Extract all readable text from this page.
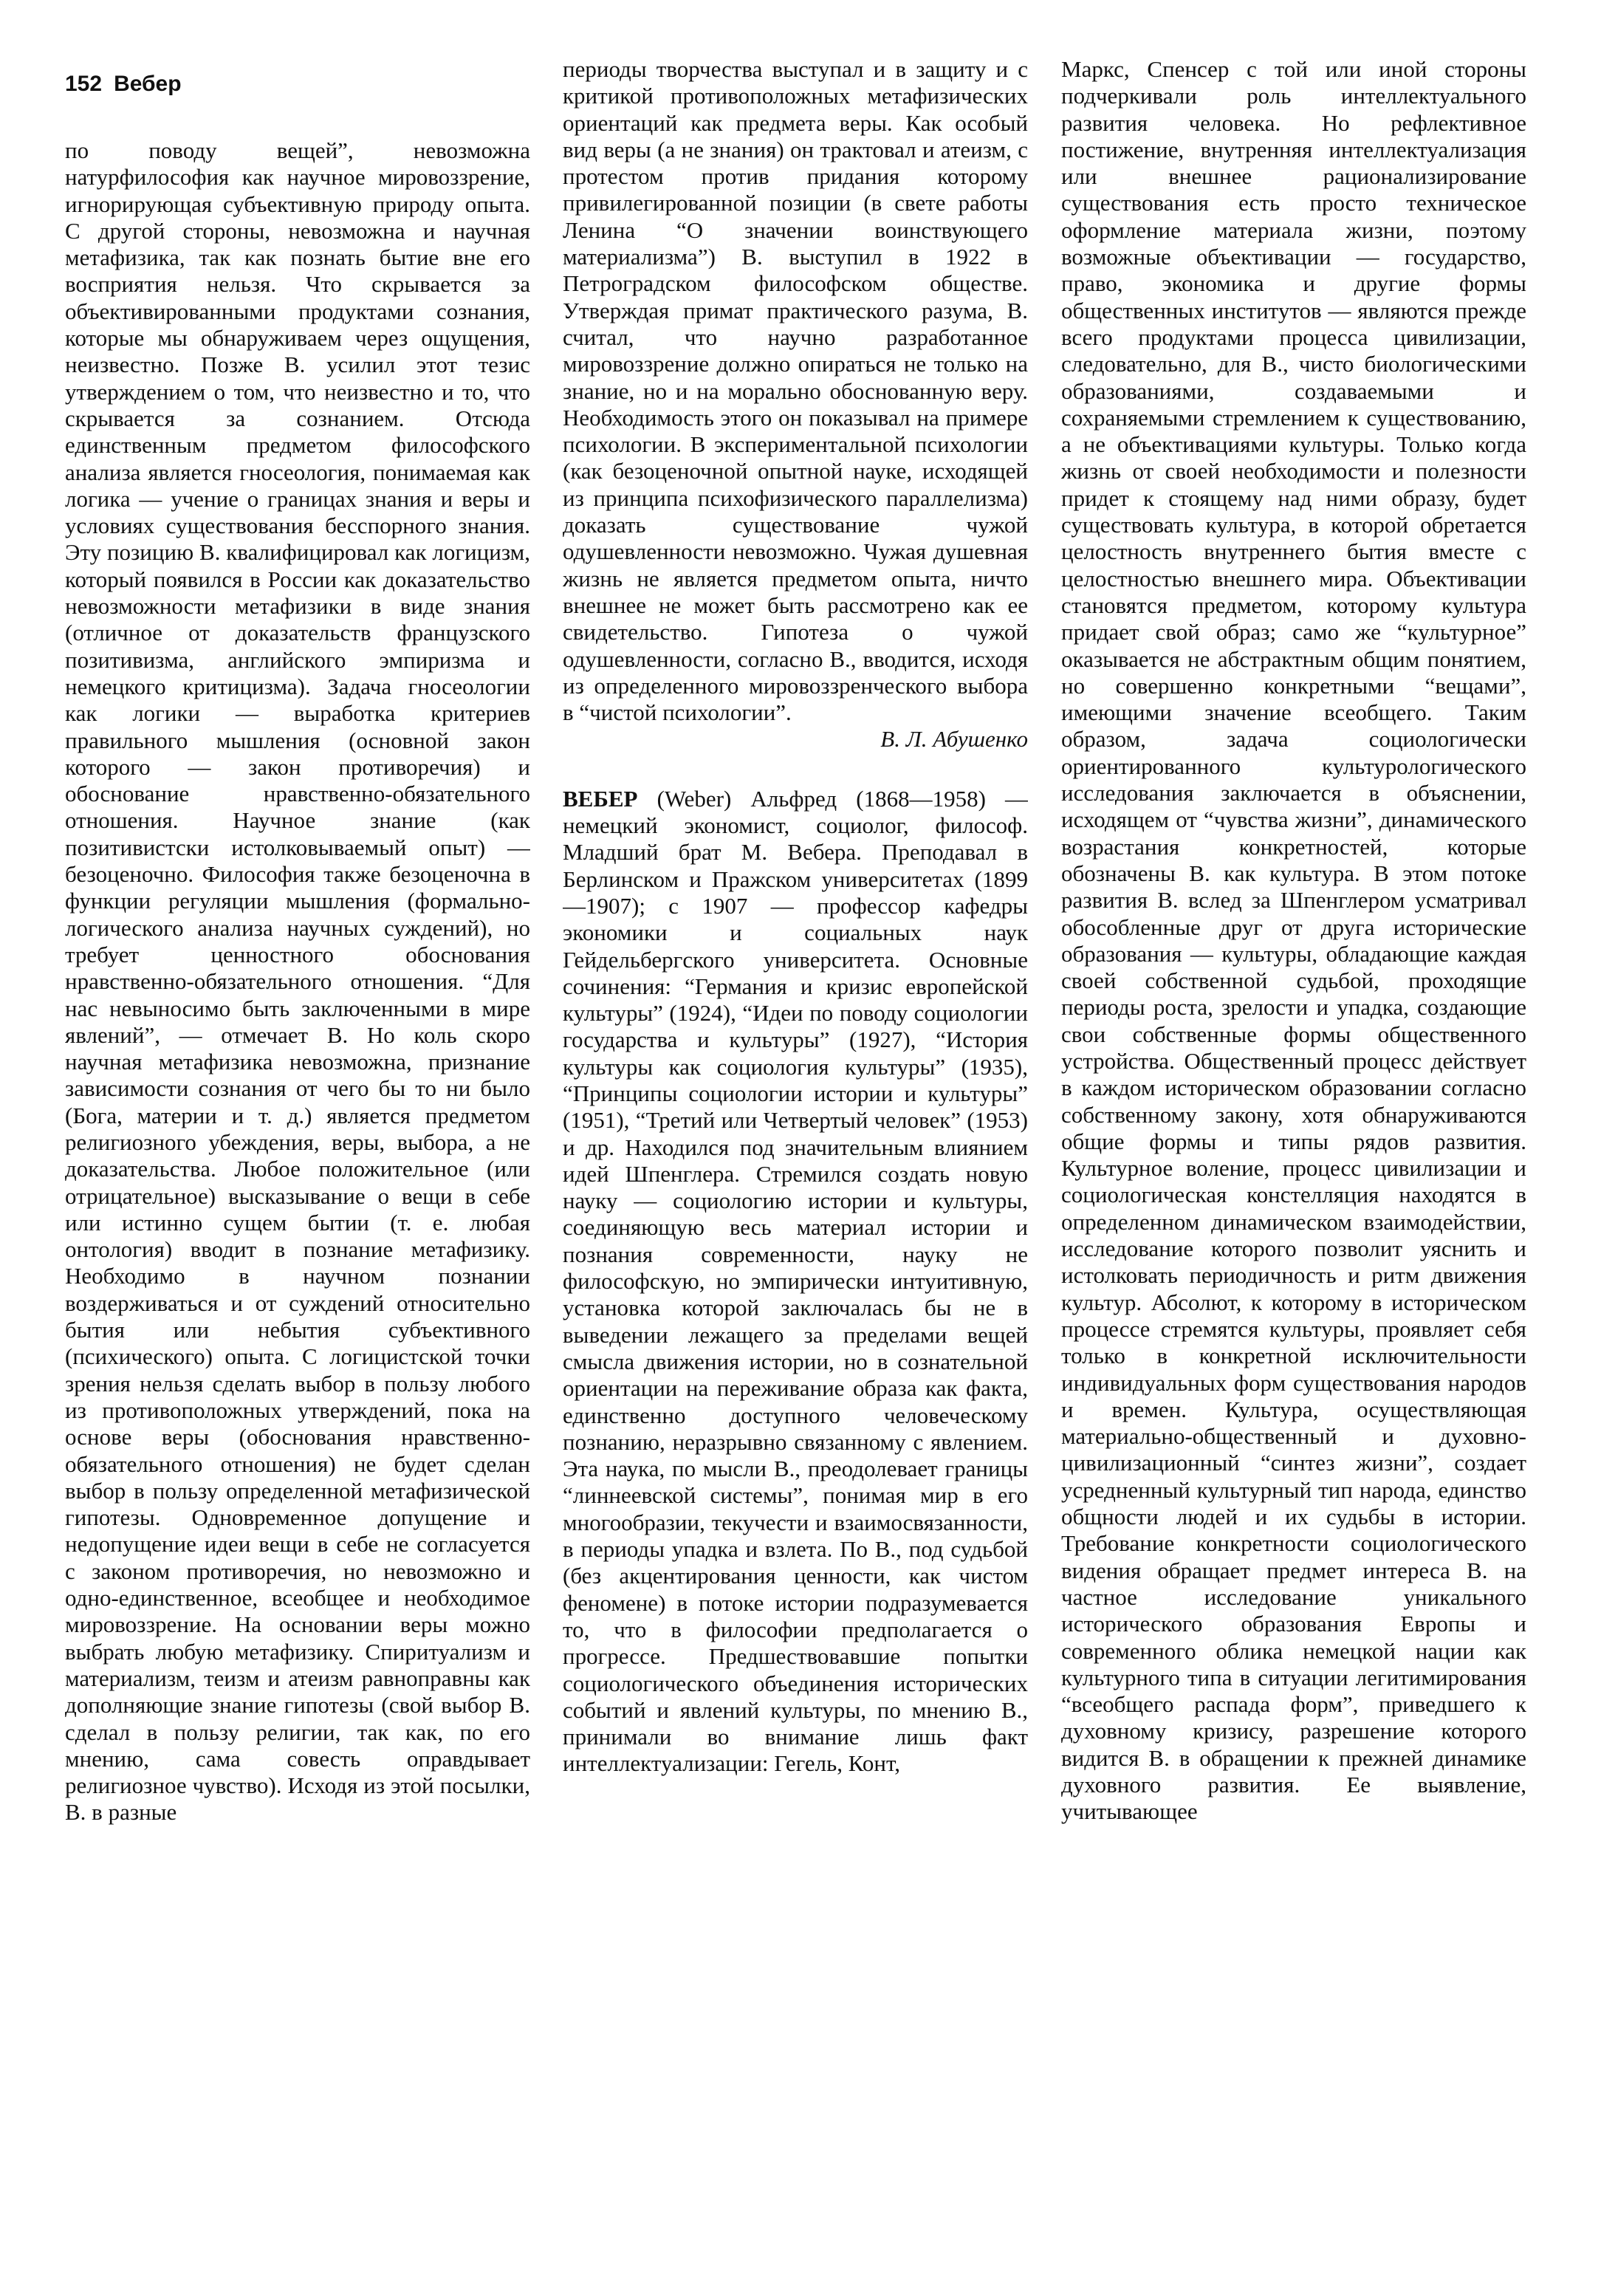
152 Вебер

по поводу вещей”, невозможна натурфилософия как научное мировоззрение, игнорирующая субъективную природу опыта. С другой стороны, невозможна и научная метафизика, так как познать бытие вне его восприятия нельзя. Что скрывается за объективированными продуктами сознания, которые мы обнаруживаем через ощущения, неизвестно. Позже В. усилил этот тезис утверждением о том, что неизвестно и то, что скрывается за сознанием. Отсюда единственным предметом философского анализа является гносеология, понимаемая как логика — учение о границах знания и веры и условиях существования бесспорного знания. Эту позицию В. квалифицировал как логицизм, который появился в России как доказательство невозможности метафизики в виде знания (отличное от доказательств французского позитивизма, английского эмпиризма и немецкого критицизма). Задача гносеологии как логики — выработка критериев правильного мышления (основной закон которого — закон противоречия) и обоснование нравственно-обязательного отношения. Научное знание (как позитивистски истолковываемый опыт) — безоценочно. Философия также безоценочна в функции регуляции мышления (формально-логического анализа научных суждений), но требует ценностного обоснования нравственно-обязательного отношения. “Для нас невыносимо быть заключенными в мире явлений”, — отмечает В. Но коль скоро научная метафизика невозможна, признание зависимости сознания от чего бы то ни было (Бога, материи и т. д.) является предметом религиозного убеждения, веры, выбора, а не доказательства. Любое положительное (или отрицательное) высказывание о вещи в себе или истинно сущем бытии (т. е. любая онтология) вводит в познание метафизику. Необходимо в научном познании воздерживаться и от суждений относительно бытия или небытия субъективного (психического) опыта. С логицистской точки зрения нельзя сделать выбор в пользу любого из противоположных утверждений, пока на основе веры (обоснования нравственно-обязательного отношения) не будет сделан выбор в пользу определенной метафизической гипотезы. Одновременное допущение и недопущение идеи вещи в себе не согласуется с законом противоречия, но невозможно и одно-единственное, всеобщее и необходимое мировоззрение. На основании веры можно выбрать любую метафизику. Спиритуализм и материализм, теизм и атеизм равноправны как дополняющие знание гипотезы (свой выбор В. сделал в пользу религии, так как, по его мнению, сама совесть оправдывает религиозное чувство). Исходя из этой посылки, В. в разные

периоды творчества выступал и в защиту и с критикой противоположных метафизических ориентаций как предмета веры. Как особый вид веры (а не знания) он трактовал и атеизм, с протестом против придания которому привилегированной позиции (в свете работы Ленина “О значении воинствующего материализма”) В. выступил в 1922 в Петроградском философском обществе. Утверждая примат практического разума, В. считал, что научно разработанное мировоззрение должно опираться не только на знание, но и на морально обоснованную веру. Необходимость этого он показывал на примере психологии. В экспериментальной психологии (как безоценочной опытной науке, исходящей из принципа психофизического параллелизма) доказать существование чужой одушевленности невозможно. Чужая душевная жизнь не является предметом опыта, ничто внешнее не может быть рассмотрено как ее свидетельство. Гипотеза о чужой одушевленности, согласно В., вводится, исходя из определенного мировоззренческого выбора в “чистой психологии”.

В. Л. Абушенко

ВЕБЕР (Weber) Альфред (1868—1958) — немецкий экономист, социолог, философ. Младший брат М. Вебера. Преподавал в Берлинском и Пражском университетах (1899—1907); с 1907 — профессор кафедры экономики и социальных наук Гейдельбергского университета. Основные сочинения: “Германия и кризис европейской культуры” (1924), “Идеи по поводу социологии государства и культуры” (1927), “История культуры как социология культуры” (1935), “Принципы социологии истории и культуры” (1951), “Третий или Четвертый человек” (1953) и др. Находился под значительным влиянием идей Шпенглера. Стремился создать новую науку — социологию истории и культуры, соединяющую весь материал истории и познания современности, науку не философскую, но эмпирически интуитивную, установка которой заключалась бы не в выведении лежащего за пределами вещей смысла движения истории, но в сознательной ориентации на переживание образа как факта, единственно доступного человеческому познанию, неразрывно связанному с явлением. Эта наука, по мысли В., преодолевает границы “линнеевской системы”, понимая мир в его многообразии, текучести и взаимосвязанности, в периоды упадка и взлета. По В., под судьбой (без акцентирования ценности, как чистом феномене) в потоке истории подразумевается то, что в философии предполагается о прогрессе. Предшествовавшие попытки социологического объединения исторических событий и явлений культуры, по мнению В., принимали во внимание лишь факт интеллектуализации: Гегель, Конт,

Маркс, Спенсер с той или иной стороны подчеркивали роль интеллектуального развития человека. Но рефлективное постижение, внутренняя интеллектуализация или внешнее рационализирование существования есть просто техническое оформление материала жизни, поэтому возможные объективации — государство, право, экономика и другие формы общественных институтов — являются прежде всего продуктами процесса цивилизации, следовательно, для В., чисто биологическими образованиями, создаваемыми и сохраняемыми стремлением к существованию, а не объективациями культуры. Только когда жизнь от своей необходимости и полезности придет к стоящему над ними образу, будет существовать культура, в которой обретается целостность внутреннего бытия вместе с целостностью внешнего мира. Объективации становятся предметом, которому культура придает свой образ; само же “культурное” оказывается не абстрактным общим понятием, но совершенно конкретными “вещами”, имеющими значение всеобщего. Таким образом, задача социологически ориентированного культурологического исследования заключается в объяснении, исходящем от “чувства жизни”, динамического возрастания конкретностей, которые обозначены В. как культура. В этом потоке развития В. вслед за Шпенглером усматривал обособленные друг от друга исторические образования — культуры, обладающие каждая своей собственной судьбой, проходящие периоды роста, зрелости и упадка, создающие свои собственные формы общественного устройства. Общественный процесс действует в каждом историческом образовании согласно собственному закону, хотя обнаруживаются общие формы и типы рядов развития. Культурное воление, процесс цивилизации и социологическая констелляция находятся в определенном динамическом взаимодействии, исследование которого позволит уяснить и истолковать периодичность и ритм движения культур. Абсолют, к которому в историческом процессе стремятся культуры, проявляет себя только в конкретной исключительности индивидуальных форм существования народов и времен. Культура, осуществляющая материально-общественный и духовно-цивилизационный “синтез жизни”, создает усредненный культурный тип народа, единство общности людей и их судьбы в истории. Требование конкретности социологического видения обращает предмет интереса В. на частное исследование уникального исторического образования Европы и современного облика немецкой нации как культурного типа в ситуации легитимирования “всеобщего распада форм”, приведшего к духовному кризису, разрешение которого видится В. в обращении к прежней динамике духовного развития. Ее выявление, учитывающее
